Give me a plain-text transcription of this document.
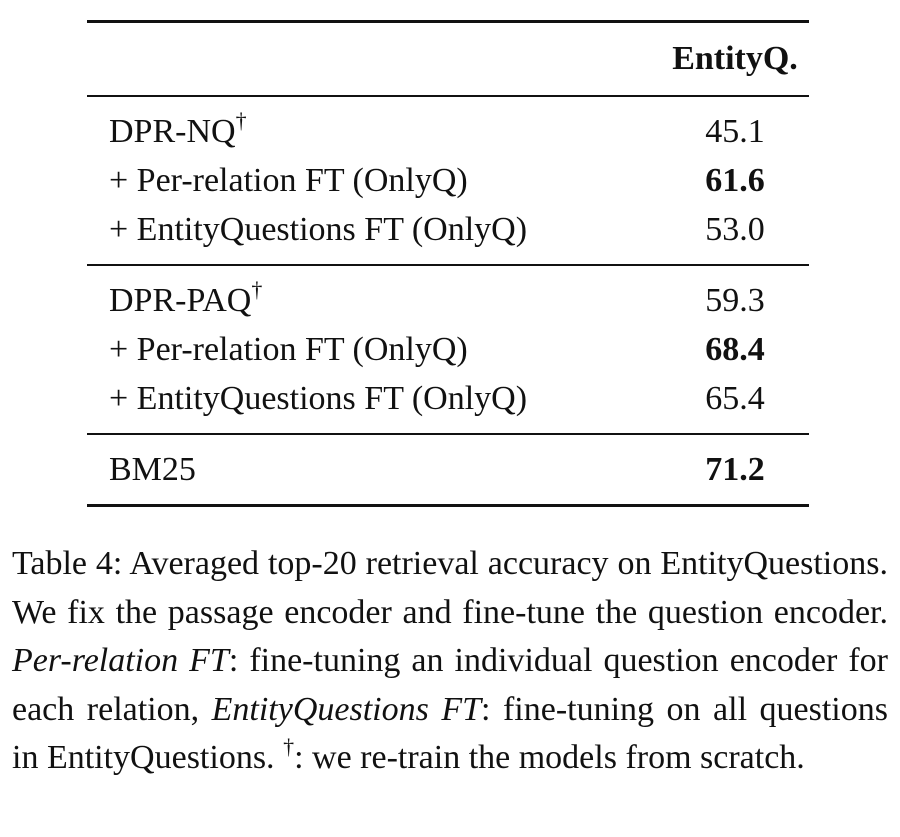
EntityQ.
DPR-NQ†	45.1
+ Per-relation FT (OnlyQ)	61.6
+ EntityQuestions FT (OnlyQ)	53.0
DPR-PAQ†	59.3
+ Per-relation FT (OnlyQ)	68.4
+ EntityQuestions FT (OnlyQ)	65.4
BM25	71.2
Table 4: Averaged top-20 retrieval accuracy on EntityQuestions. We fix the passage encoder and fine-tune the question encoder. Per-relation FT: fine-tuning an individual question encoder for each relation, EntityQuestions FT: fine-tuning on all questions in EntityQuestions. †: we re-train the models from scratch.
